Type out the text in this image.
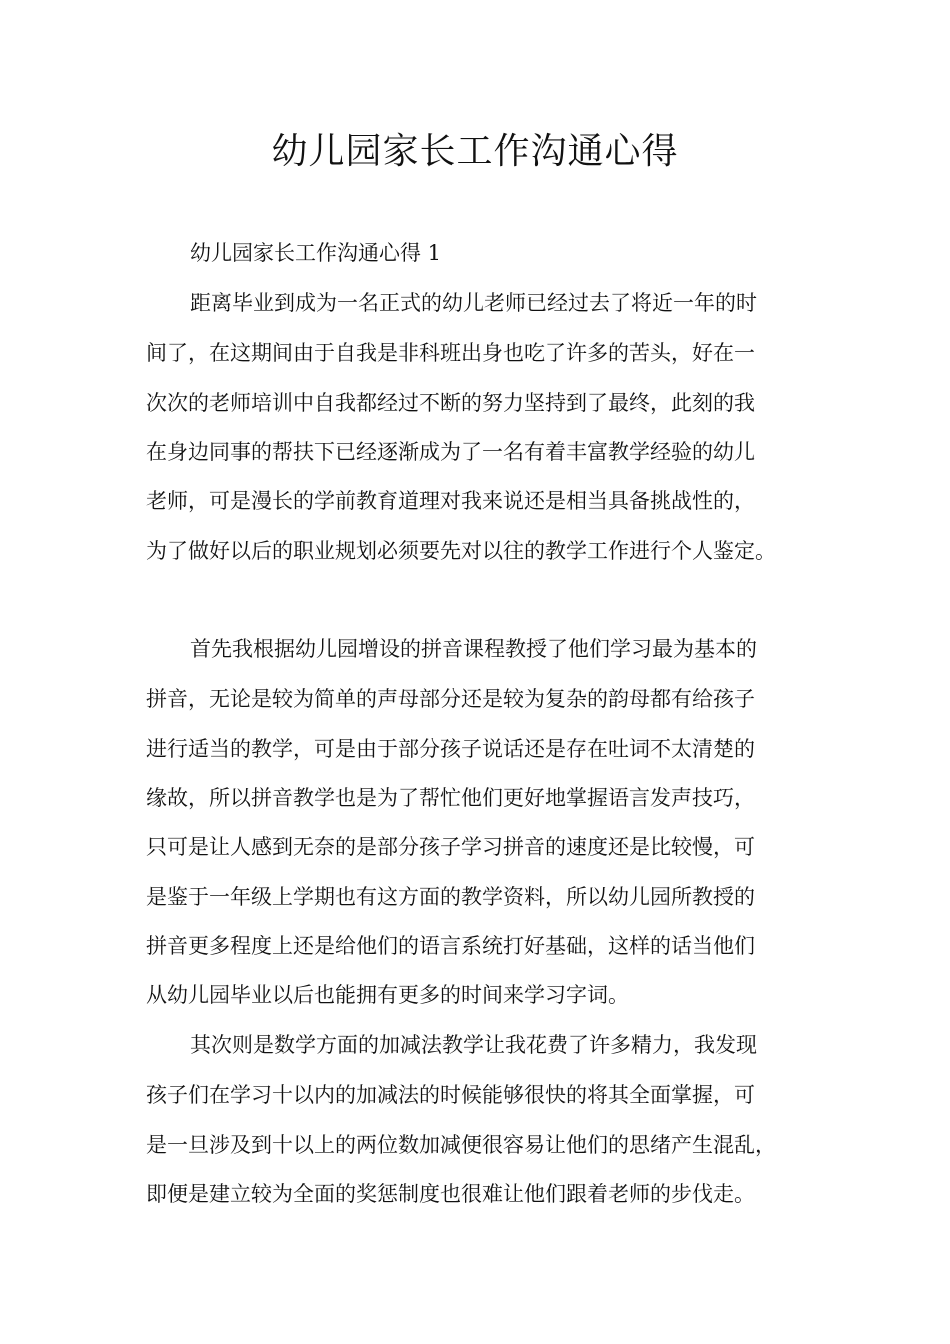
幼儿园家长工作沟通心得
幼儿园家长工作沟通心得 1
距离毕业到成为一名正式的幼儿老师已经过去了将近一年的时
间了，在这期间由于自我是非科班出身也吃了许多的苦头，好在一
次次的老师培训中自我都经过不断的努力坚持到了最终，此刻的我
在身边同事的帮扶下已经逐渐成为了一名有着丰富教学经验的幼儿
老师，可是漫长的学前教育道理对我来说还是相当具备挑战性的，
为了做好以后的职业规划必须要先对以往的教学工作进行个人鉴定。
首先我根据幼儿园增设的拼音课程教授了他们学习最为基本的
拼音，无论是较为简单的声母部分还是较为复杂的韵母都有给孩子
进行适当的教学，可是由于部分孩子说话还是存在吐词不太清楚的
缘故，所以拼音教学也是为了帮忙他们更好地掌握语言发声技巧，
只可是让人感到无奈的是部分孩子学习拼音的速度还是比较慢，可
是鉴于一年级上学期也有这方面的教学资料，所以幼儿园所教授的
拼音更多程度上还是给他们的语言系统打好基础，这样的话当他们
从幼儿园毕业以后也能拥有更多的时间来学习字词。
其次则是数学方面的加减法教学让我花费了许多精力，我发现
孩子们在学习十以内的加减法的时候能够很快的将其全面掌握，可
是一旦涉及到十以上的两位数加减便很容易让他们的思绪产生混乱，
即便是建立较为全面的奖惩制度也很难让他们跟着老师的步伐走。
